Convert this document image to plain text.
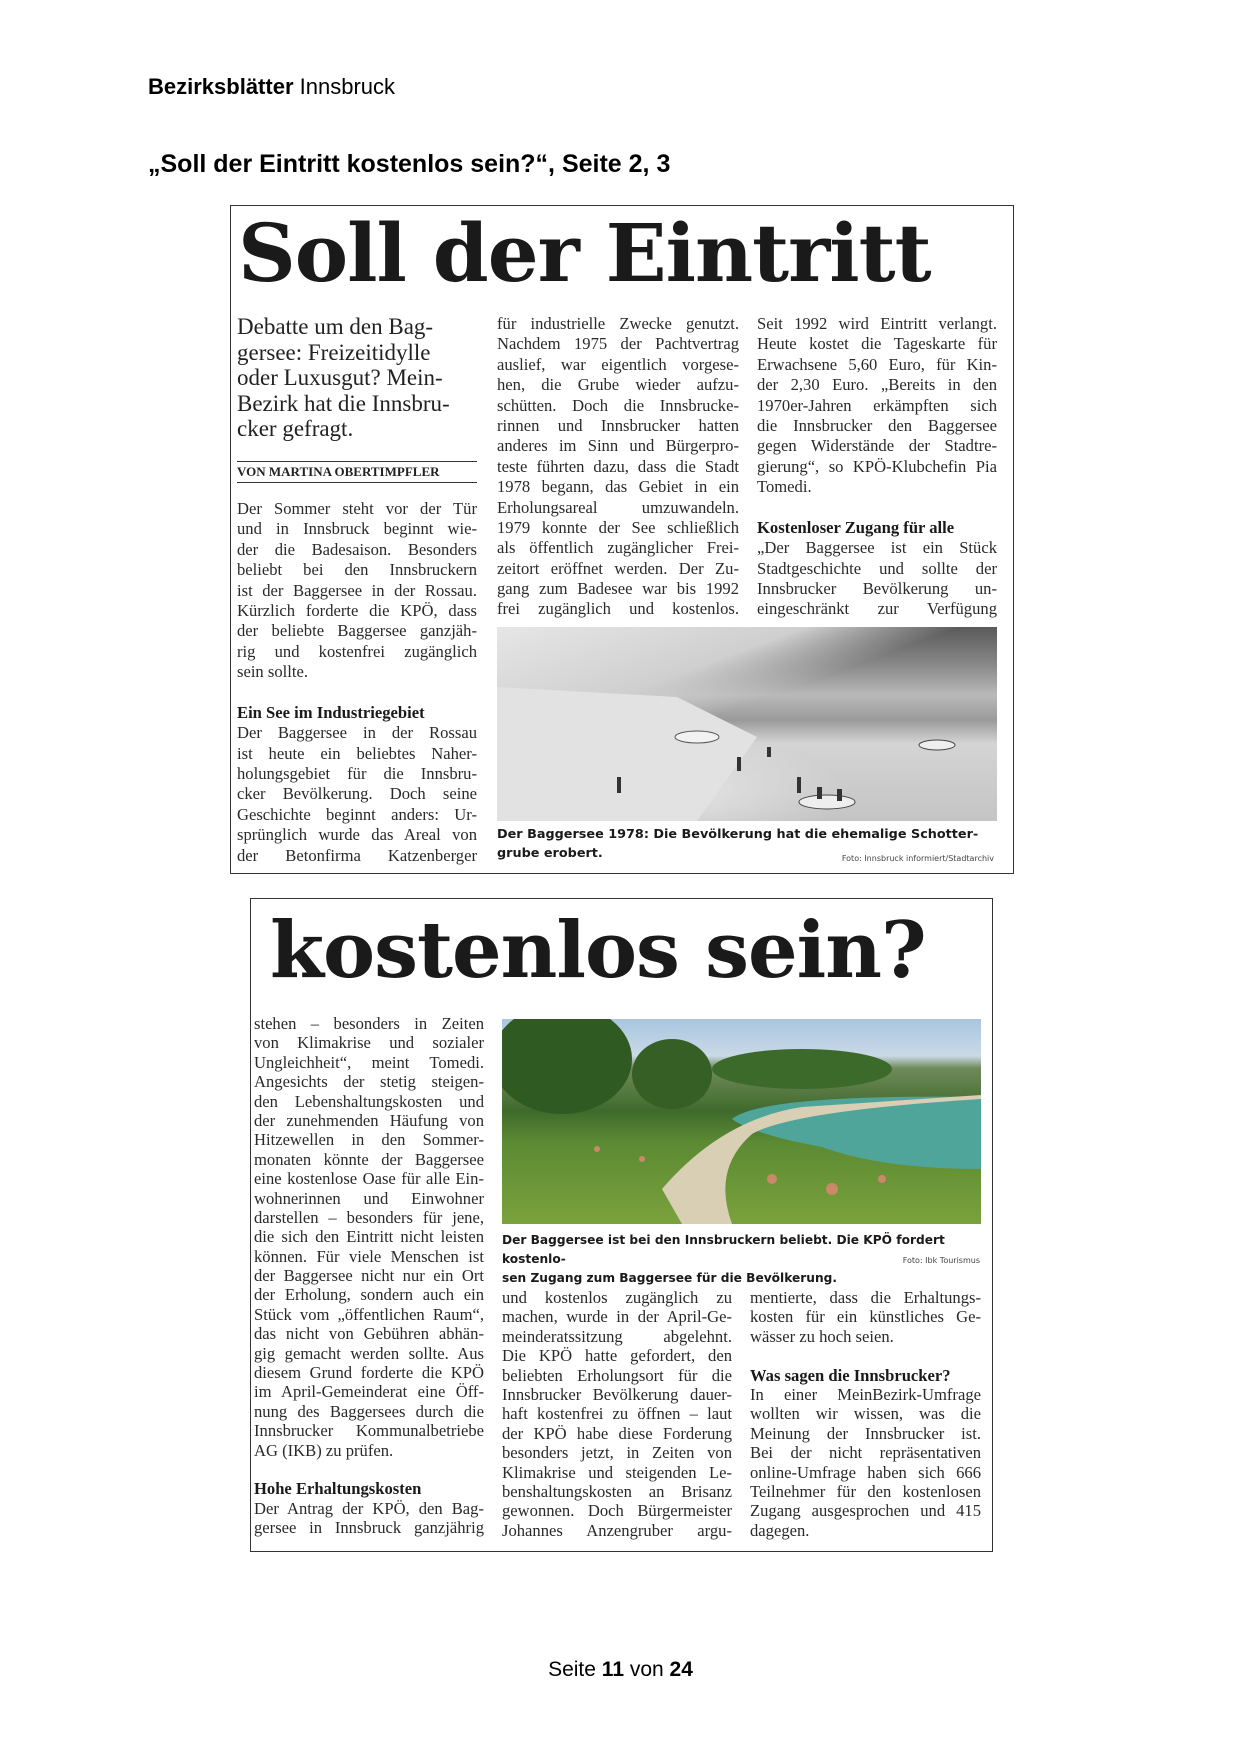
Bezirksblätter Innsbruck
„Soll der Eintritt kostenlos sein?“, Seite 2, 3
Soll der Eintritt
Debatte um den Bag-
gersee: Freizeitidylle
oder Luxusgut? Mein-
Bezirk hat die Innsbru-
cker gefragt.
VON MARTINA OBERTIMPFLER
Der Sommer steht vor der Tür
und in Innsbruck beginnt wie-
der die Badesaison. Besonders
beliebt bei den Innsbruckern
ist der Baggersee in der Rossau.
Kürzlich forderte die KPÖ, dass
der beliebte Baggersee ganzjäh-
rig und kostenfrei zugänglich
sein sollte.
Ein See im Industriegebiet
Der Baggersee in der Rossau
ist heute ein beliebtes Naher-
holungsgebiet für die Innsbru-
cker Bevölkerung. Doch seine
Geschichte beginnt anders: Ur-
sprünglich wurde das Areal von
der Betonfirma Katzenberger
für industrielle Zwecke genutzt.
Nachdem 1975 der Pachtvertrag
auslief, war eigentlich vorgese-
hen, die Grube wieder aufzu-
schütten. Doch die Innsbrucke-
rinnen und Innsbrucker hatten
anderes im Sinn und Bürgerpro-
teste führten dazu, dass die Stadt
1978 begann, das Gebiet in ein
Erholungsareal umzuwandeln.
1979 konnte der See schließlich
als öffentlich zugänglicher Frei-
zeitort eröffnet werden. Der Zu-
gang zum Badesee war bis 1992
frei zugänglich und kostenlos.
Seit 1992 wird Eintritt verlangt.
Heute kostet die Tageskarte für
Erwachsene 5,60 Euro, für Kin-
der 2,30 Euro. „Bereits in den
1970er-Jahren erkämpften sich
die Innsbrucker den Baggersee
gegen Widerstände der Stadtre-
gierung“, so KPÖ-Klubchefin Pia
Tomedi.
Kostenloser Zugang für alle
„Der Baggersee ist ein Stück
Stadtgeschichte und sollte der
Innsbrucker Bevölkerung un-
eingeschränkt zur Verfügung
Der Baggersee 1978: Die Bevölkerung hat die ehemalige Schotter-
grube erobert.	Foto: Innsbruck informiert/Stadtarchiv
kostenlos sein?
stehen – besonders in Zeiten
von Klimakrise und sozialer
Ungleichheit“, meint Tomedi.
Angesichts der stetig steigen-
den Lebenshaltungskosten und
der zunehmenden Häufung von
Hitzewellen in den Sommer-
monaten könnte der Baggersee
eine kostenlose Oase für alle Ein-
wohnerinnen und Einwohner
darstellen – besonders für jene,
die sich den Eintritt nicht leisten
können. Für viele Menschen ist
der Baggersee nicht nur ein Ort
der Erholung, sondern auch ein
Stück vom „öffentlichen Raum“,
das nicht von Gebühren abhän-
gig gemacht werden sollte. Aus
diesem Grund forderte die KPÖ
im April-Gemeinderat eine Öff-
nung des Baggersees durch die
Innsbrucker Kommunalbetriebe
AG (IKB) zu prüfen.
Hohe Erhaltungskosten
Der Antrag der KPÖ, den Bag-
gersee in Innsbruck ganzjährig
und kostenlos zugänglich zu
machen, wurde in der April-Ge-
meinderatssitzung abgelehnt.
Die KPÖ hatte gefordert, den
beliebten Erholungsort für die
Innsbrucker Bevölkerung dauer-
haft kostenfrei zu öffnen – laut
der KPÖ habe diese Forderung
besonders jetzt, in Zeiten von
Klimakrise und steigenden Le-
benshaltungskosten an Brisanz
gewonnen. Doch Bürgermeister
Johannes Anzengruber argu-
mentierte, dass die Erhaltungs-
kosten für ein künstliches Ge-
wässer zu hoch seien.
Was sagen die Innsbrucker?
In einer MeinBezirk-Umfrage
wollten wir wissen, was die
Meinung der Innsbrucker ist.
Bei der nicht repräsentativen
online-Umfrage haben sich 666
Teilnehmer für den kostenlosen
Zugang ausgesprochen und 415
dagegen.
Der Baggersee ist bei den Innsbruckern beliebt. Die KPÖ fordert kostenlo-
sen Zugang zum Baggersee für die Bevölkerung.
Foto: Ibk Tourismus
Seite 11 von 24
